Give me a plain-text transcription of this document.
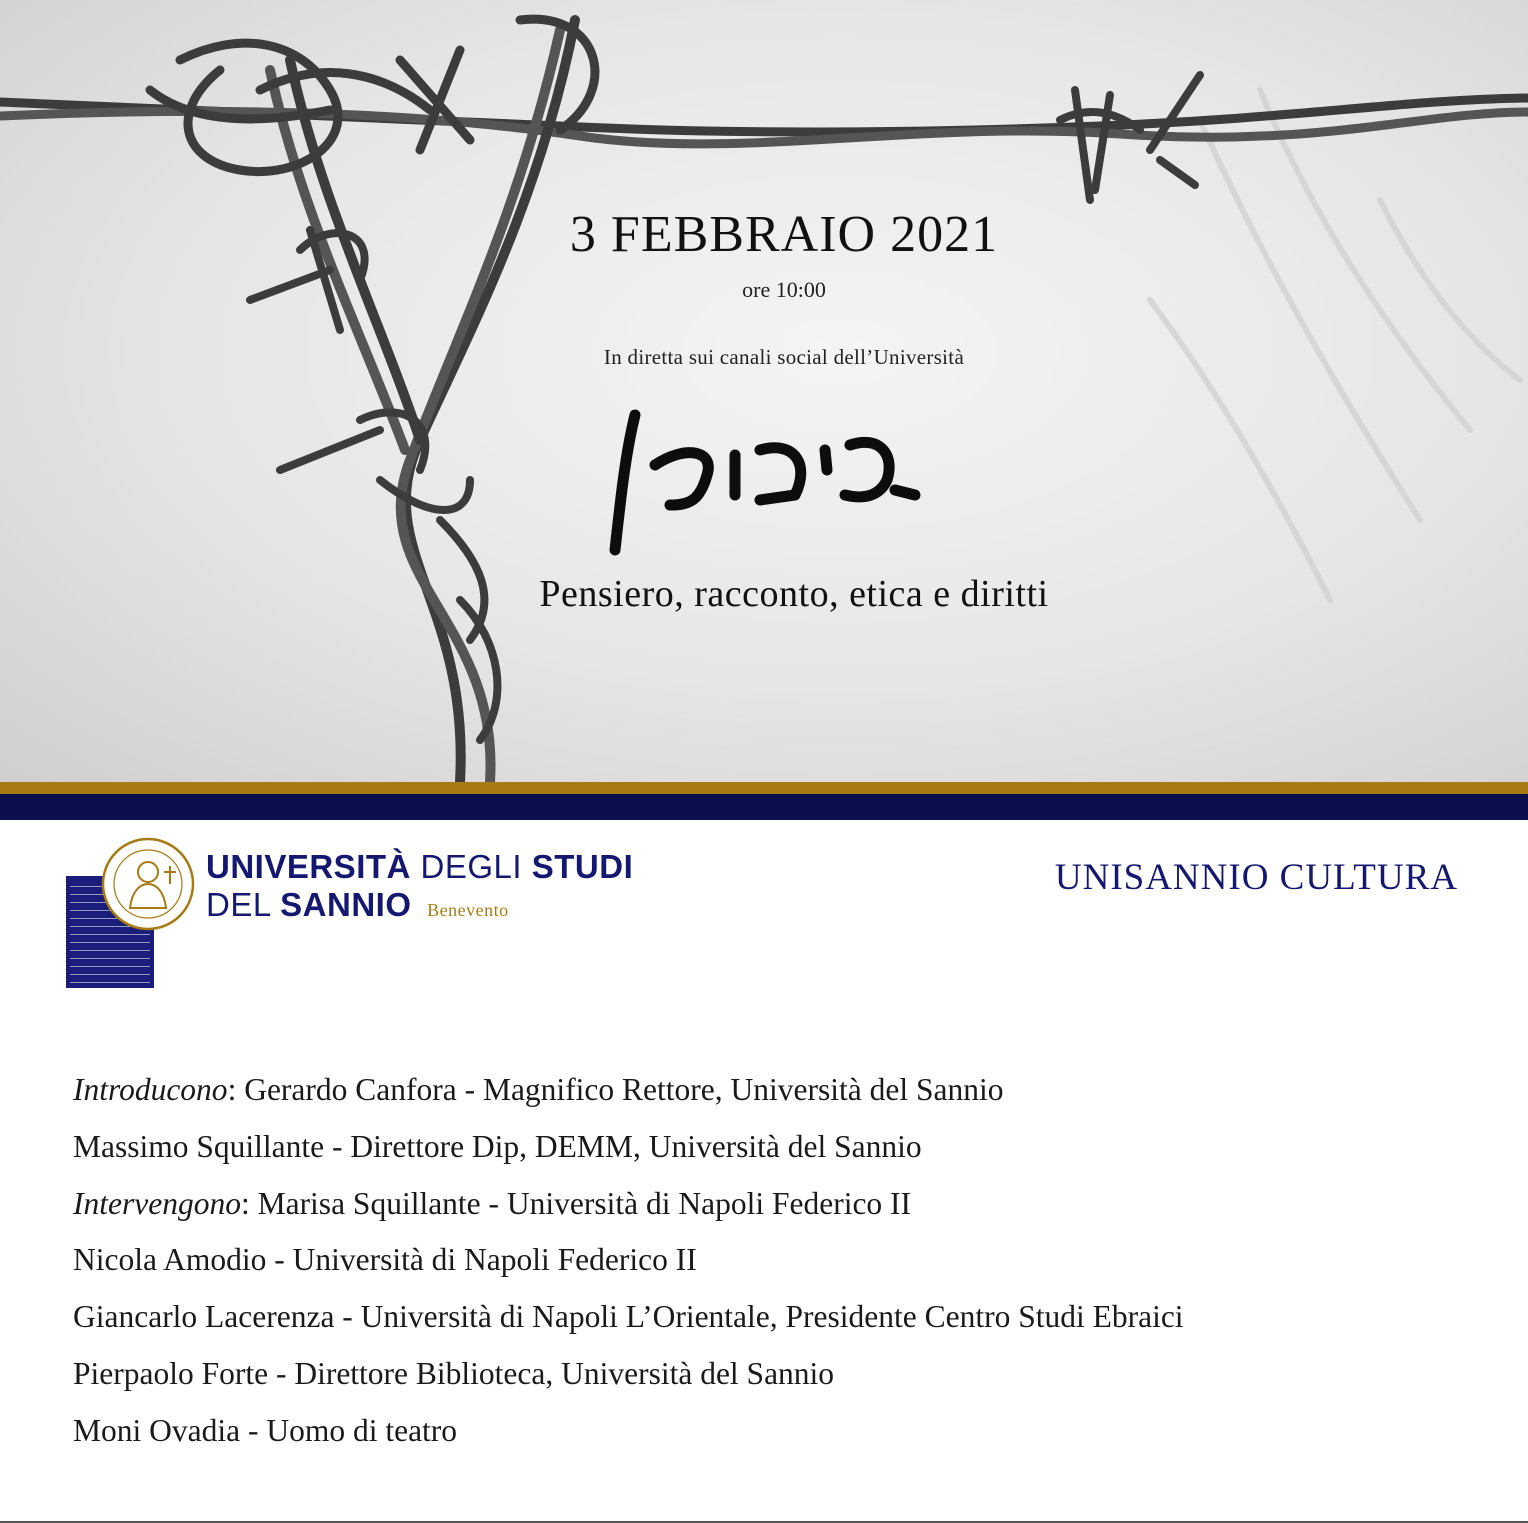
3 FEBBRAIO 2021
ore 10:00
In diretta sui canali social dell’Università
Pensiero, racconto, etica e diritti
UNIVERSITÀ DEGLI STUDI
DEL SANNIO Benevento
UNISANNIO CULTURA
Introducono: Gerardo Canfora - Magnifico Rettore, Università del Sannio
Massimo Squillante - Direttore Dip, DEMM, Università del Sannio
Intervengono: Marisa Squillante - Università di Napoli Federico II
Nicola Amodio - Università di Napoli Federico II
Giancarlo Lacerenza - Università di Napoli L’Orientale, Presidente Centro Studi Ebraici
Pierpaolo Forte - Direttore Biblioteca, Università del Sannio
Moni Ovadia - Uomo di teatro
